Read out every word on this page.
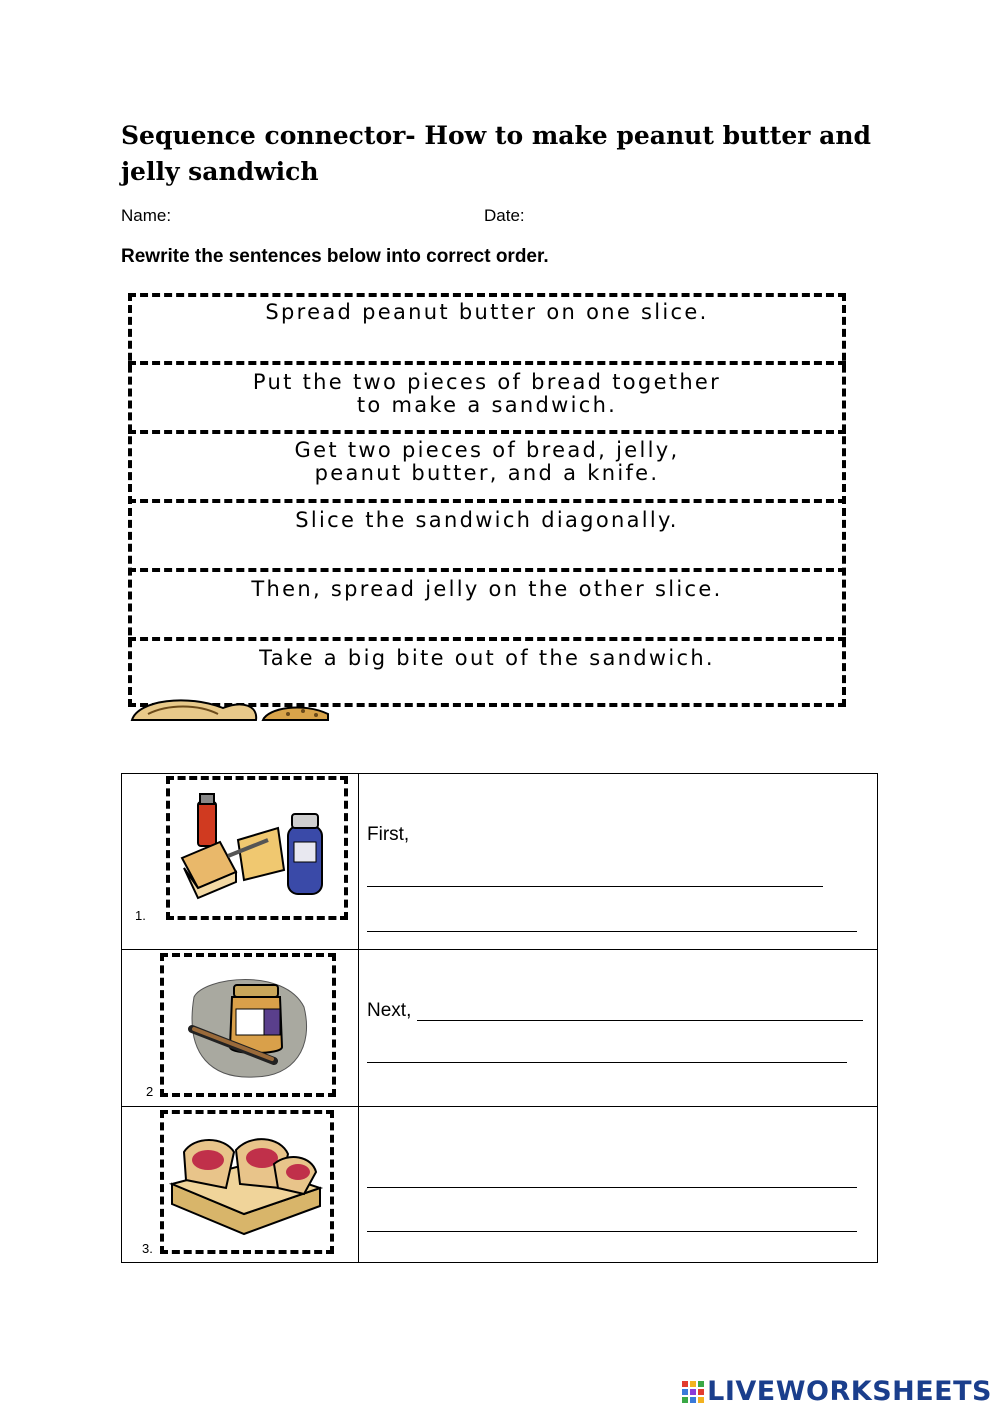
Sequence connector- How to make peanut butter and jelly sandwich
Name:	Date:
Rewrite the sentences below into correct order.
Spread peanut butter on one slice.
Put the two pieces of bread together
to make a sandwich.
Get two pieces of bread, jelly,
peanut butter, and a knife.
Slice the sandwich diagonally.
Then, spread jelly on the other slice.
Take a big bite out of the sandwich.
1.	First,

2	Next,

3.	

LIVEWORKSHEETS
